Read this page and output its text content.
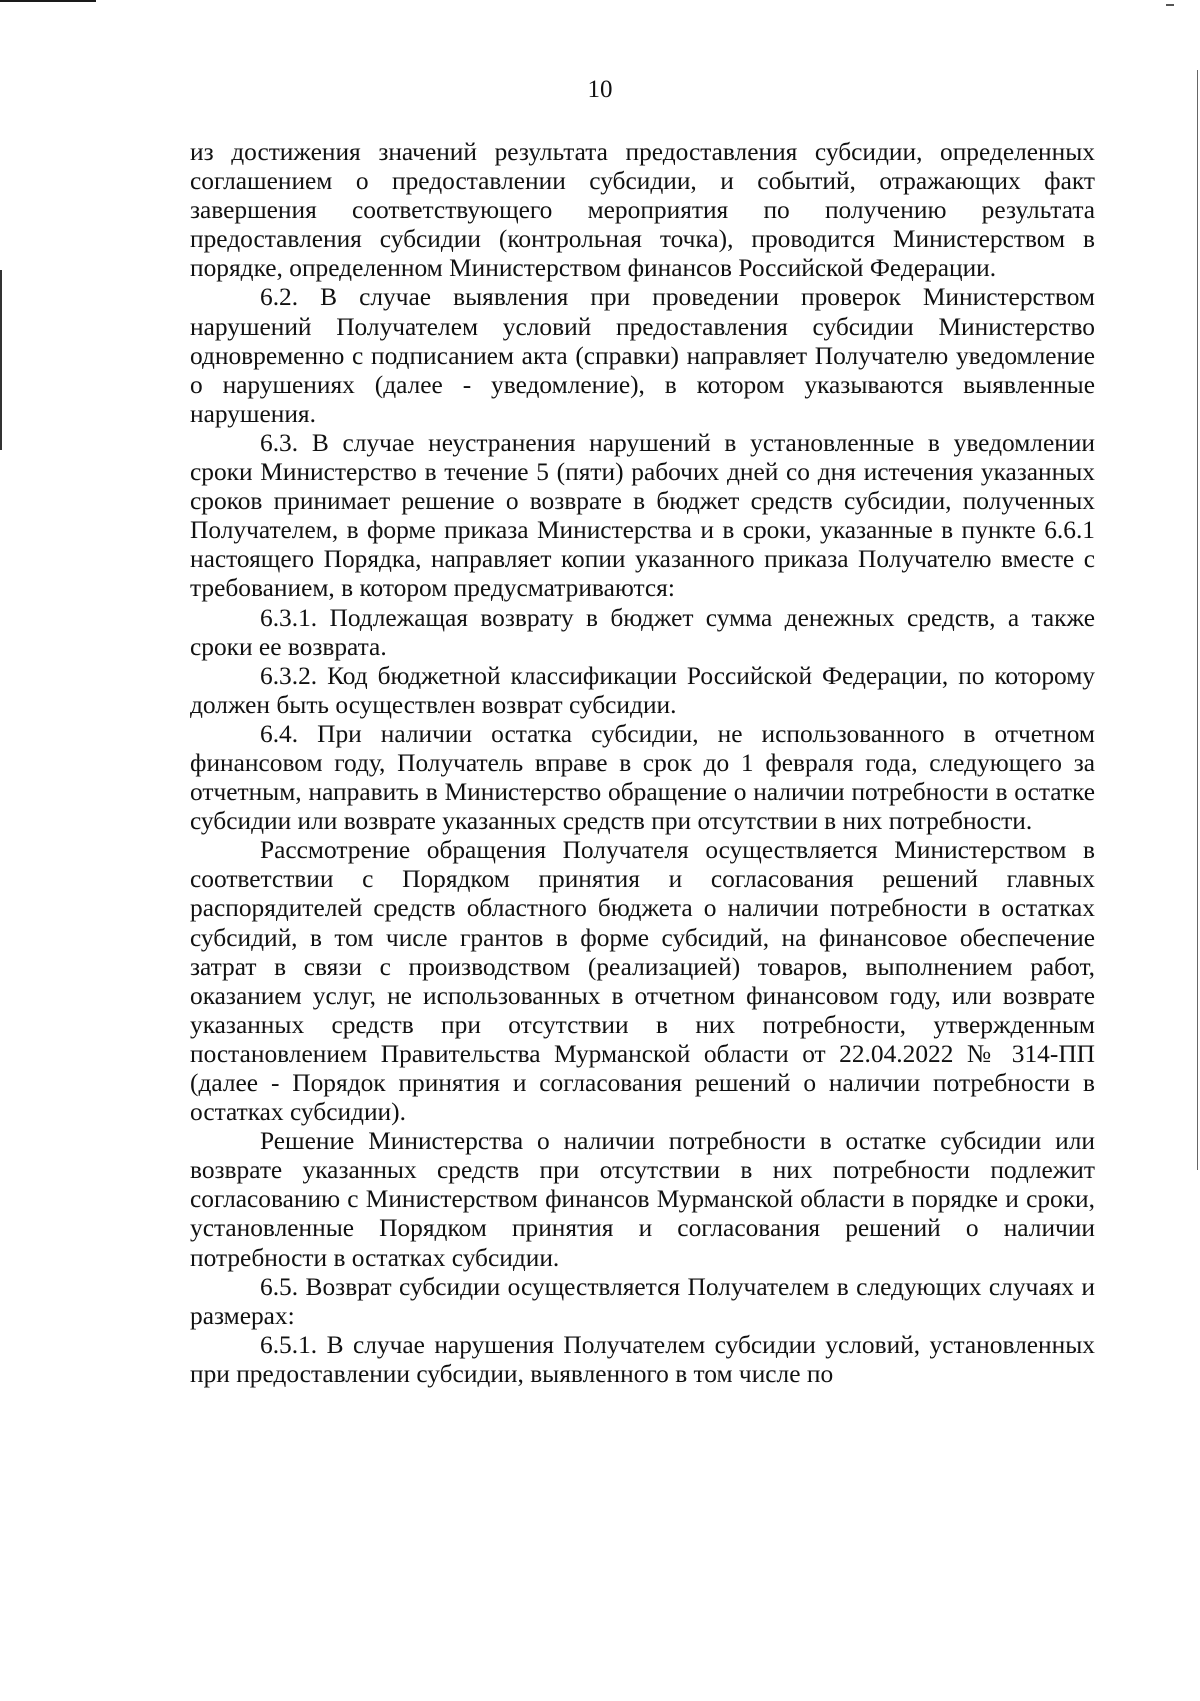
10

из достижения значений результата предоставления субсидии, определенных соглашением о предоставлении субсидии, и событий, отражающих факт завершения соответствующего мероприятия по получению результата предоставления субсидии (контрольная точка), проводится Министерством в порядке, определенном Министерством финансов Российской Федерации.

6.2. В случае выявления при проведении проверок Министерством нарушений Получателем условий предоставления субсидии Министерство одновременно с подписанием акта (справки) направляет Получателю уведомление о нарушениях (далее - уведомление), в котором указываются выявленные нарушения.

6.3. В случае неустранения нарушений в установленные в уведомлении сроки Министерство в течение 5 (пяти) рабочих дней со дня истечения указанных сроков принимает решение о возврате в бюджет средств субсидии, полученных Получателем, в форме приказа Министерства и в сроки, указанные в пункте 6.6.1 настоящего Порядка, направляет копии указанного приказа Получателю вместе с требованием, в котором предусматриваются:

6.3.1. Подлежащая возврату в бюджет сумма денежных средств, а также сроки ее возврата.

6.3.2. Код бюджетной классификации Российской Федерации, по которому должен быть осуществлен возврат субсидии.

6.4. При наличии остатка субсидии, не использованного в отчетном финансовом году, Получатель вправе в срок до 1 февраля года, следующего за отчетным, направить в Министерство обращение о наличии потребности в остатке субсидии или возврате указанных средств при отсутствии в них потребности.

Рассмотрение обращения Получателя осуществляется Министерством в соответствии с Порядком принятия и согласования решений главных распорядителей средств областного бюджета о наличии потребности в остатках субсидий, в том числе грантов в форме субсидий, на финансовое обеспечение затрат в связи с производством (реализацией) товаров, выполнением работ, оказанием услуг, не использованных в отчетном финансовом году, или возврате указанных средств при отсутствии в них потребности, утвержденным постановлением Правительства Мурманской области от 22.04.2022 № 314-ПП (далее - Порядок принятия и согласования решений о наличии потребности в остатках субсидии).

Решение Министерства о наличии потребности в остатке субсидии или возврате указанных средств при отсутствии в них потребности подлежит согласованию с Министерством финансов Мурманской области в порядке и сроки, установленные Порядком принятия и согласования решений о наличии потребности в остатках субсидии.

6.5. Возврат субсидии осуществляется Получателем в следующих случаях и размерах:

6.5.1. В случае нарушения Получателем субсидии условий, установленных при предоставлении субсидии, выявленного в том числе по
